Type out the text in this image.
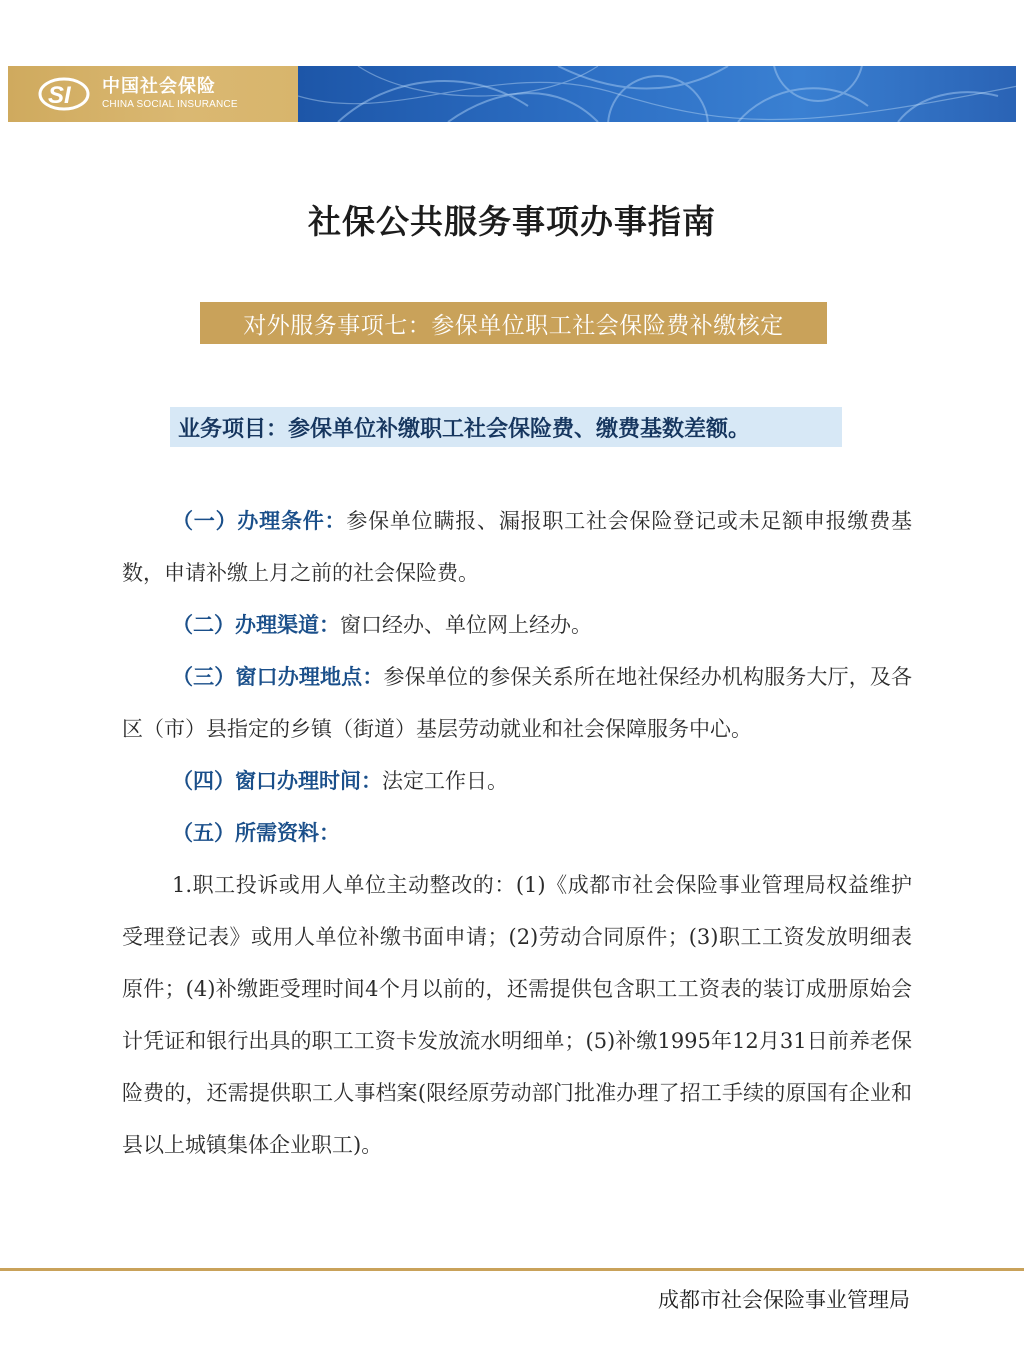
SI 中国社会保险
CHINA SOCIAL INSURANCE
社保公共服务事项办事指南
对外服务事项七：参保单位职工社会保险费补缴核定
业务项目：参保单位补缴职工社会保险费、缴费基数差额。

（一）办理条件：参保单位瞒报、漏报职工社会保险登记或未足额申报缴费基数，申请补缴上月之前的社会保险费。

（二）办理渠道：窗口经办、单位网上经办。

（三）窗口办理地点：参保单位的参保关系所在地社保经办机构服务大厅，及各区（市）县指定的乡镇（街道）基层劳动就业和社会保障服务中心。

（四）窗口办理时间：法定工作日。

（五）所需资料：

1.职工投诉或用人单位主动整改的：(1)《成都市社会保险事业管理局权益维护受理登记表》或用人单位补缴书面申请；(2)劳动合同原件；(3)职工工资发放明细表原件；(4)补缴距受理时间4个月以前的，还需提供包含职工工资表的装订成册原始会计凭证和银行出具的职工工资卡发放流水明细单；(5)补缴1995年12月31日前养老保险费的，还需提供职工人事档案(限经原劳动部门批准办理了招工手续的原国有企业和县以上城镇集体企业职工)。

成都市社会保险事业管理局
